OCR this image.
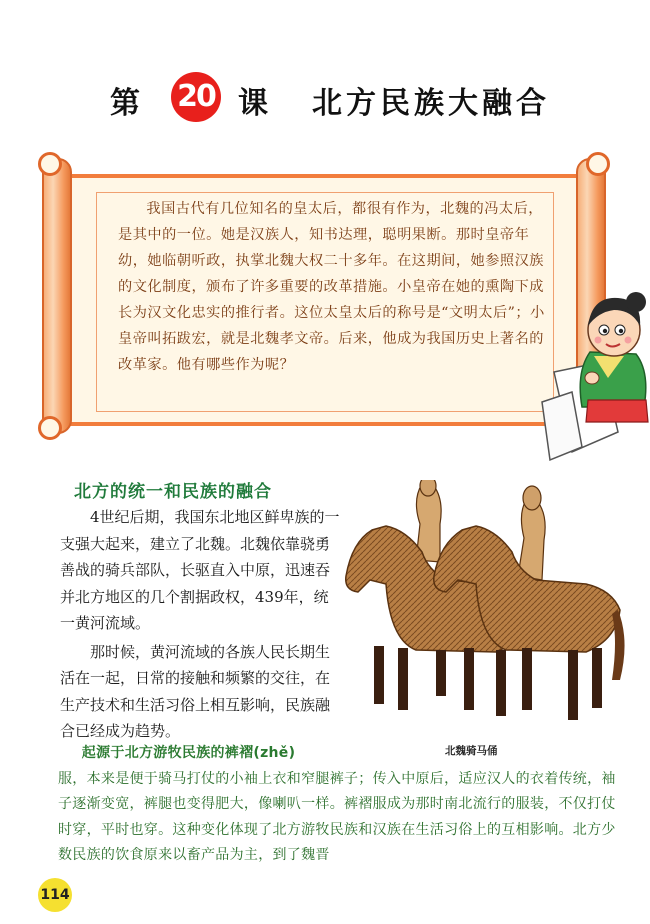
第 20 课 北方民族大融合

我国古代有几位知名的皇太后，都很有作为，北魏的冯太后，是其中的一位。她是汉族人，知书达理，聪明果断。那时皇帝年幼，她临朝听政，执掌北魏大权二十多年。在这期间，她参照汉族的文化制度，颁布了许多重要的改革措施。小皇帝在她的熏陶下成长为汉文化忠实的推行者。这位太皇太后的称号是“文明太后”；小皇帝叫拓跋宏，就是北魏孝文帝。后来，他成为我国历史上著名的改革家。他有哪些作为呢？

北方的统一和民族的融合

4世纪后期，我国东北地区鲜卑族的一支强大起来，建立了北魏。北魏依靠骁勇善战的骑兵部队，长驱直入中原，迅速吞并北方地区的几个割据政权，439年，统一黄河流域。

那时候，黄河流域的各族人民长期生活在一起，日常的接触和频繁的交往，在生产技术和生活习俗上相互影响，民族融合已经成为趋势。

北魏骑马俑

起源于北方游牧民族的裤褶(zhě)

服，本来是便于骑马打仗的小袖上衣和窄腿裤子；传入中原后，适应汉人的衣着传统，袖子逐渐变宽，裤腿也变得肥大，像喇叭一样。裤褶服成为那时南北流行的服装，不仅打仗时穿，平时也穿。这种变化体现了北方游牧民族和汉族在生活习俗上的互相影响。北方少数民族的饮食原来以畜产品为主，到了魏晋

114
